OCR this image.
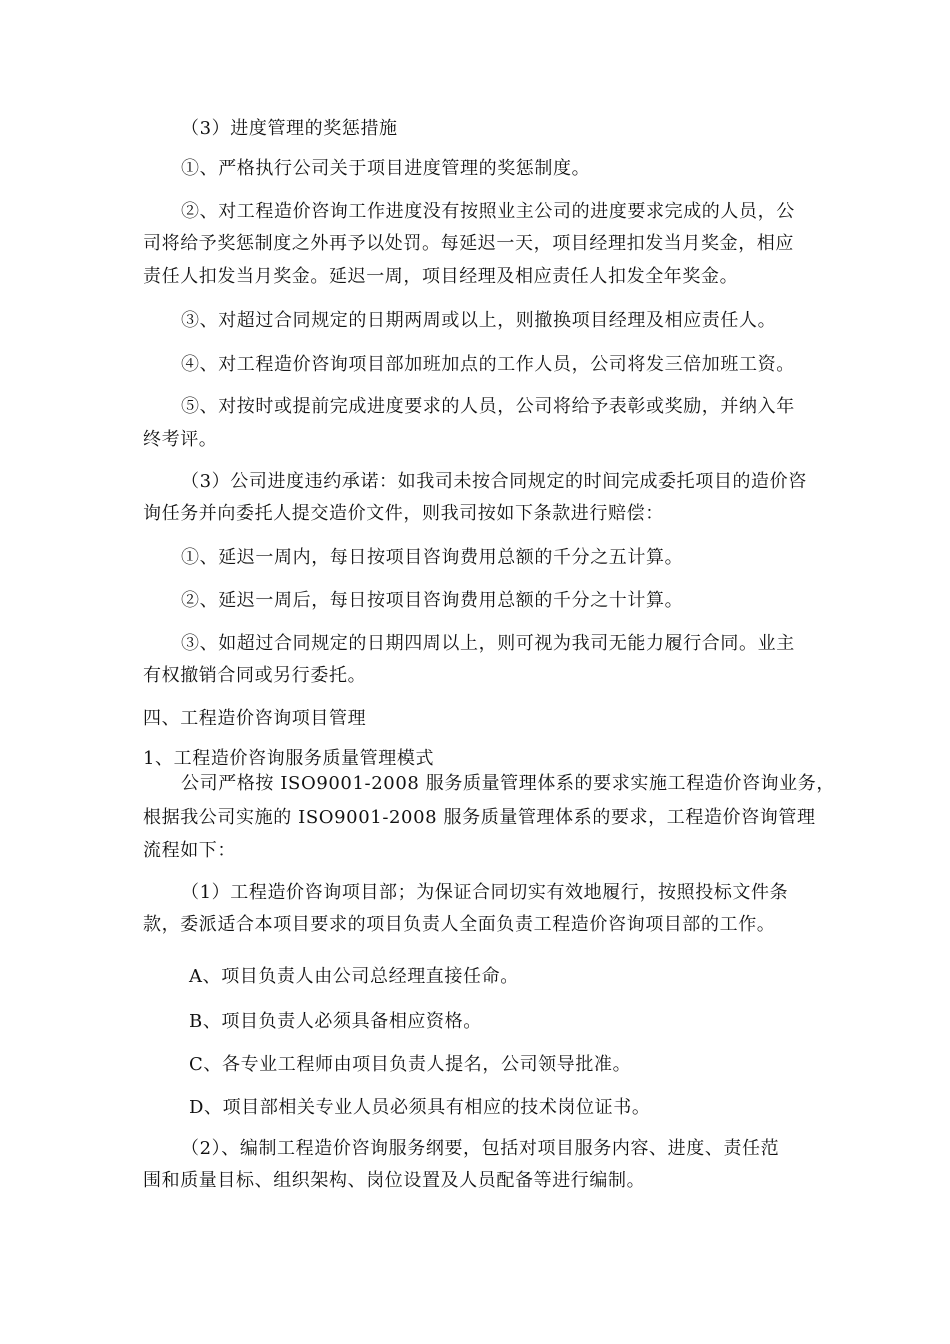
（3）进度管理的奖惩措施
①、严格执行公司关于项目进度管理的奖惩制度。
②、对工程造价咨询工作进度没有按照业主公司的进度要求完成的人员，公
司将给予奖惩制度之外再予以处罚。每延迟一天，项目经理扣发当月奖金，相应
责任人扣发当月奖金。延迟一周，项目经理及相应责任人扣发全年奖金。
③、对超过合同规定的日期两周或以上，则撤换项目经理及相应责任人。
④、对工程造价咨询项目部加班加点的工作人员，公司将发三倍加班工资。
⑤、对按时或提前完成进度要求的人员，公司将给予表彰或奖励，并纳入年
终考评。
（3）公司进度违约承诺：如我司未按合同规定的时间完成委托项目的造价咨
询任务并向委托人提交造价文件，则我司按如下条款进行赔偿：
①、延迟一周内，每日按项目咨询费用总额的千分之五计算。
②、延迟一周后，每日按项目咨询费用总额的千分之十计算。
③、如超过合同规定的日期四周以上，则可视为我司无能力履行合同。业主
有权撤销合同或另行委托。
四、工程造价咨询项目管理
1、工程造价咨询服务质量管理模式
公司严格按 ISO9001-2008 服务质量管理体系的要求实施工程造价咨询业务，
根据我公司实施的 ISO9001-2008 服务质量管理体系的要求，工程造价咨询管理
流程如下：
（1）工程造价咨询项目部；为保证合同切实有效地履行，按照投标文件条
款，委派适合本项目要求的项目负责人全面负责工程造价咨询项目部的工作。
A、项目负责人由公司总经理直接任命。
B、项目负责人必须具备相应资格。
C、各专业工程师由项目负责人提名，公司领导批准。
D、项目部相关专业人员必须具有相应的技术岗位证书。
（2）、编制工程造价咨询服务纲要，包括对项目服务内容、进度、责任范
围和质量目标、组织架构、岗位设置及人员配备等进行编制。
